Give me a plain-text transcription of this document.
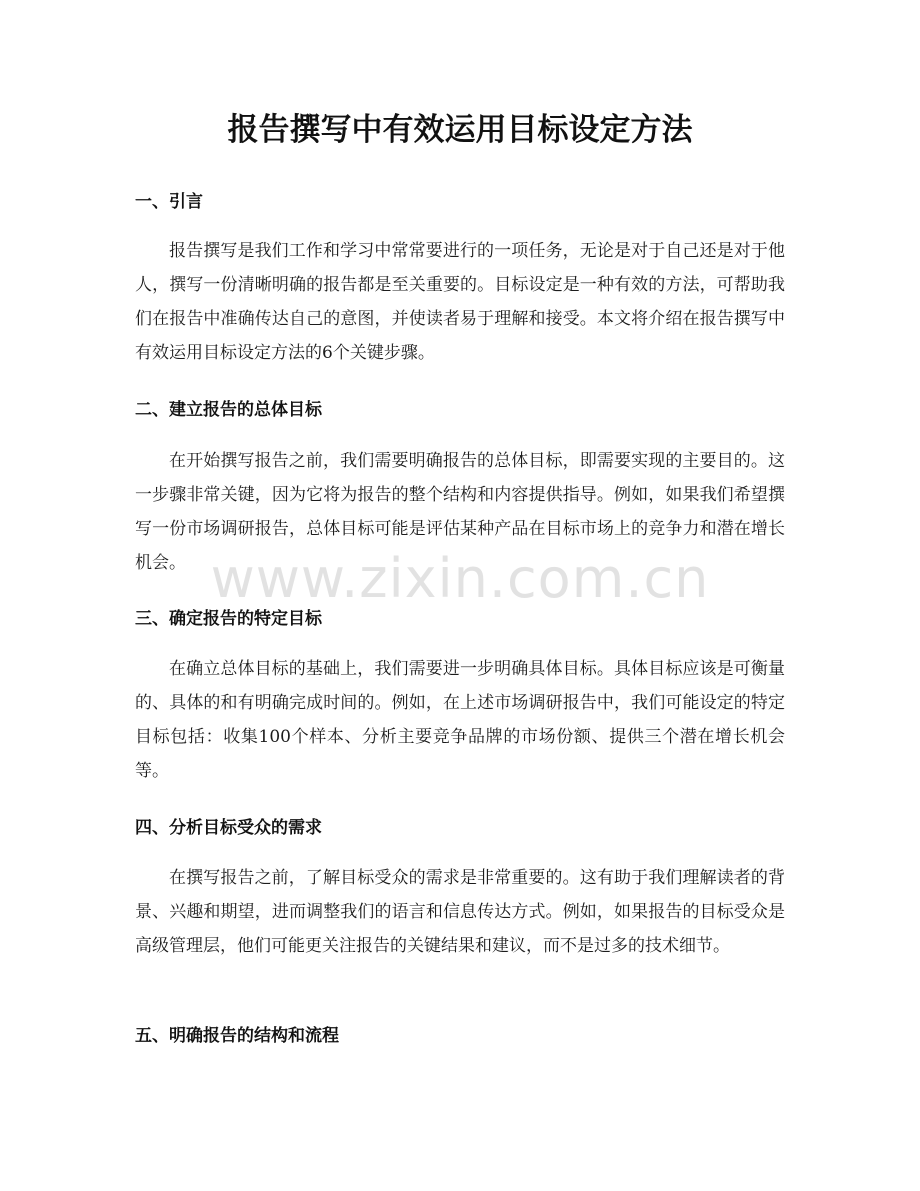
报告撰写中有效运用目标设定方法
一、引言

报告撰写是我们工作和学习中常常要进行的一项任务，无论是对于自己还是对于他人，撰写一份清晰明确的报告都是至关重要的。目标设定是一种有效的方法，可帮助我们在报告中准确传达自己的意图，并使读者易于理解和接受。本文将介绍在报告撰写中有效运用目标设定方法的6个关键步骤。

二、建立报告的总体目标

在开始撰写报告之前，我们需要明确报告的总体目标，即需要实现的主要目的。这一步骤非常关键，因为它将为报告的整个结构和内容提供指导。例如，如果我们希望撰写一份市场调研报告，总体目标可能是评估某种产品在目标市场上的竞争力和潜在增长机会。

三、确定报告的特定目标

在确立总体目标的基础上，我们需要进一步明确具体目标。具体目标应该是可衡量的、具体的和有明确完成时间的。例如，在上述市场调研报告中，我们可能设定的特定目标包括：收集100个样本、分析主要竞争品牌的市场份额、提供三个潜在增长机会等。

四、分析目标受众的需求

在撰写报告之前，了解目标受众的需求是非常重要的。这有助于我们理解读者的背景、兴趣和期望，进而调整我们的语言和信息传达方式。例如，如果报告的目标受众是高级管理层，他们可能更关注报告的关键结果和建议，而不是过多的技术细节。

五、明确报告的结构和流程
www.zixin.com.cn
